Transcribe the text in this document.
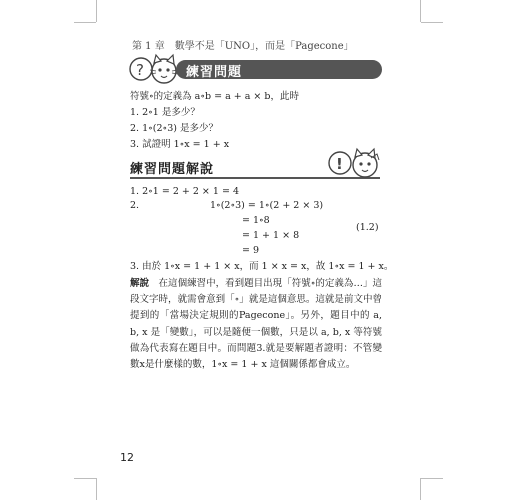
第 1 章　數學不是「UNO」，而是「Pagecone」
?	練習問題
符號∘的定義為 a∘b = a + a × b，此時
1. 2∘1 是多少？
2. 1∘(2∘3) 是多少？
3. 試證明 1∘x = 1 + x
練習問題解說	!
1. 2∘1 = 2 + 2 × 1 = 4
2.	1∘(2∘3) = 1∘(2 + 2 × 3)
= 1∘8
= 1 + 1 × 8
= 9
(1.2)
3. 由於 1∘x = 1 + 1 × x，而 1 × x = x，故 1∘x = 1 + x。
解說　 在這個練習中，看到題目出現「符號∘的定義為…」這段文字時，就需會意到「∘」就是這個意思。這就是前文中曾提到的「當場決定規則的Pagecone」。另外，題目中的 a, b, x 是「變數」，可以是隨便一個數，只是以 a, b, x 等符號做為代表寫在題目中。而問題3.就是要解題者證明：不管變數x是什麼樣的數，1∘x = 1 + x 這個關係都會成立。
12
